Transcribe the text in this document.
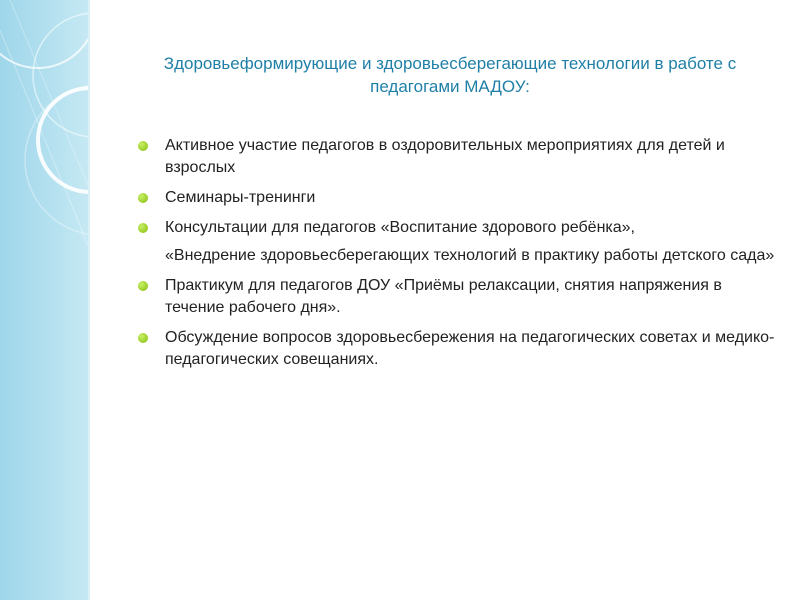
Здоровьеформирующие и здоровьесберегающие технологии в работе с педагогами МАДОУ:
Активное участие педагогов в оздоровительных мероприятиях для детей и взрослых
Семинары-тренинги
Консультации для педагогов «Воспитание здорового ребёнка»,
«Внедрение здоровьесберегающих технологий в практику работы детского сада»
Практикум для педагогов ДОУ «Приёмы релаксации, снятия напряжения в течение рабочего дня».
Обсуждение вопросов здоровьесбережения на педагогических советах и медико-педагогических совещаниях.
